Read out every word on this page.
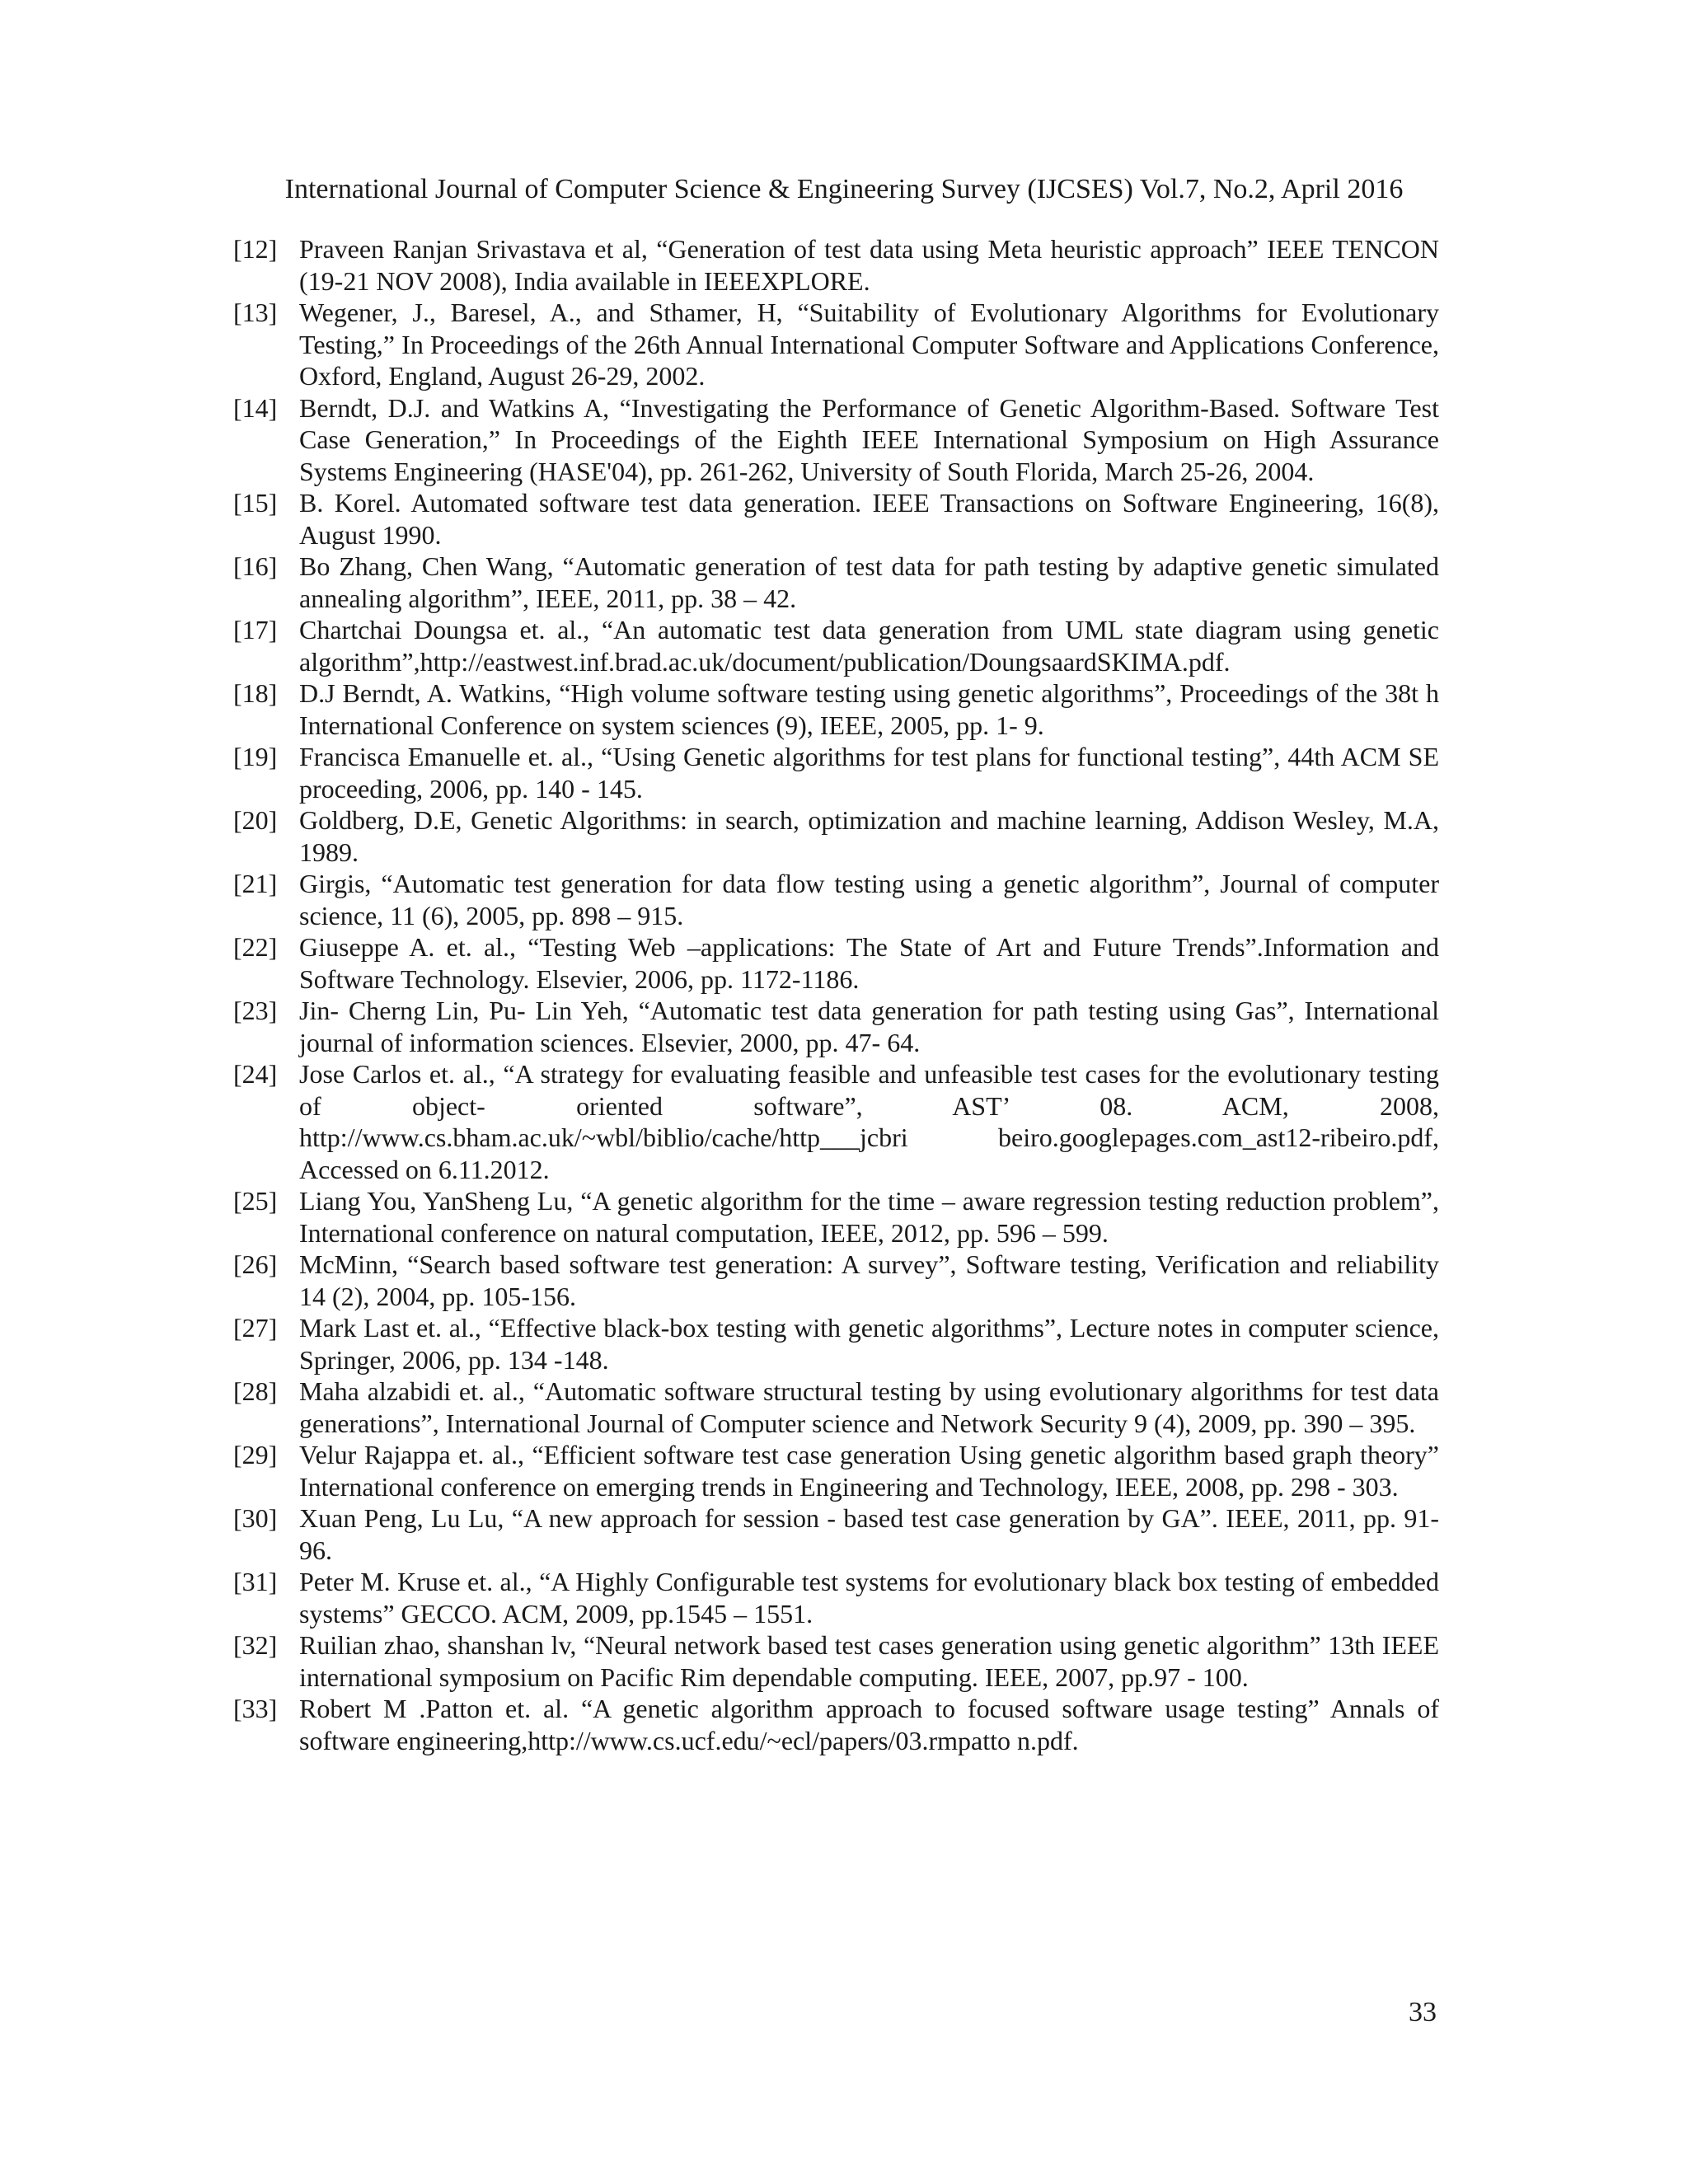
International Journal of Computer Science & Engineering Survey (IJCSES) Vol.7, No.2, April 2016
[12] Praveen Ranjan Srivastava et al, “Generation of test data using Meta heuristic approach” IEEE TENCON (19-21 NOV 2008), India available in IEEEXPLORE.
[13] Wegener, J., Baresel, A., and Sthamer, H, “Suitability of Evolutionary Algorithms for Evolutionary Testing,” In Proceedings of the 26th Annual International Computer Software and Applications Conference, Oxford, England, August 26-29, 2002.
[14] Berndt, D.J. and Watkins A, “Investigating the Performance of Genetic Algorithm-Based. Software Test Case Generation,” In Proceedings of the Eighth IEEE International Symposium on High Assurance Systems Engineering (HASE'04), pp. 261-262, University of South Florida, March 25-26, 2004.
[15] B. Korel. Automated software test data generation. IEEE Transactions on Software Engineering, 16(8), August 1990.
[16] Bo Zhang, Chen Wang, “Automatic generation of test data for path testing by adaptive genetic simulated annealing algorithm”, IEEE, 2011, pp. 38 – 42.
[17] Chartchai Doungsa et. al., “An automatic test data generation from UML state diagram using genetic algorithm”,http://eastwest.inf.brad.ac.uk/document/publication/DoungsaardSKIMA.pdf.
[18] D.J Berndt, A. Watkins, “High volume software testing using genetic algorithms”, Proceedings of the 38t h International Conference on system sciences (9), IEEE, 2005, pp. 1- 9.
[19] Francisca Emanuelle et. al., “Using Genetic algorithms for test plans for functional testing”, 44th ACM SE proceeding, 2006, pp. 140 - 145.
[20] Goldberg, D.E, Genetic Algorithms: in search, optimization and machine learning, Addison Wesley, M.A, 1989.
[21] Girgis, “Automatic test generation for data flow testing using a genetic algorithm”, Journal of computer science, 11 (6), 2005, pp. 898 – 915.
[22] Giuseppe A. et. al., “Testing Web –applications: The State of Art and Future Trends”.Information and Software Technology. Elsevier, 2006, pp. 1172-1186.
[23] Jin- Cherng Lin, Pu- Lin Yeh, “Automatic test data generation for path testing using Gas”, International journal of information sciences. Elsevier, 2000, pp. 47- 64.
[24] Jose Carlos et. al., “A strategy for evaluating feasible and unfeasible test cases for the evolutionary testing of object- oriented software”, AST’ 08. ACM, 2008, http://www.cs.bham.ac.uk/~wbl/biblio/cache/http___jcbri beiro.googlepages.com_ast12-ribeiro.pdf, Accessed on 6.11.2012.
[25] Liang You, YanSheng Lu, “A genetic algorithm for the time – aware regression testing reduction problem”, International conference on natural computation, IEEE, 2012, pp. 596 – 599.
[26] McMinn, “Search based software test generation: A survey”, Software testing, Verification and reliability 14 (2), 2004, pp. 105-156.
[27] Mark Last et. al., “Effective black-box testing with genetic algorithms”, Lecture notes in computer science, Springer, 2006, pp. 134 -148.
[28] Maha alzabidi et. al., “Automatic software structural testing by using evolutionary algorithms for test data generations”, International Journal of Computer science and Network Security 9 (4), 2009, pp. 390 – 395.
[29] Velur Rajappa et. al., “Efficient software test case generation Using genetic algorithm based graph theory” International conference on emerging trends in Engineering and Technology, IEEE, 2008, pp. 298 - 303.
[30] Xuan Peng, Lu Lu, “A new approach for session - based test case generation by GA”. IEEE, 2011, pp. 91- 96.
[31] Peter M. Kruse et. al., “A Highly Configurable test systems for evolutionary black box testing of embedded systems” GECCO. ACM, 2009, pp.1545 – 1551.
[32] Ruilian zhao, shanshan lv, “Neural network based test cases generation using genetic algorithm” 13th IEEE international symposium on Pacific Rim dependable computing. IEEE, 2007, pp.97 - 100.
[33] Robert M .Patton et. al. “A genetic algorithm approach to focused software usage testing” Annals of software engineering,http://www.cs.ucf.edu/~ecl/papers/03.rmpatto n.pdf.
33
